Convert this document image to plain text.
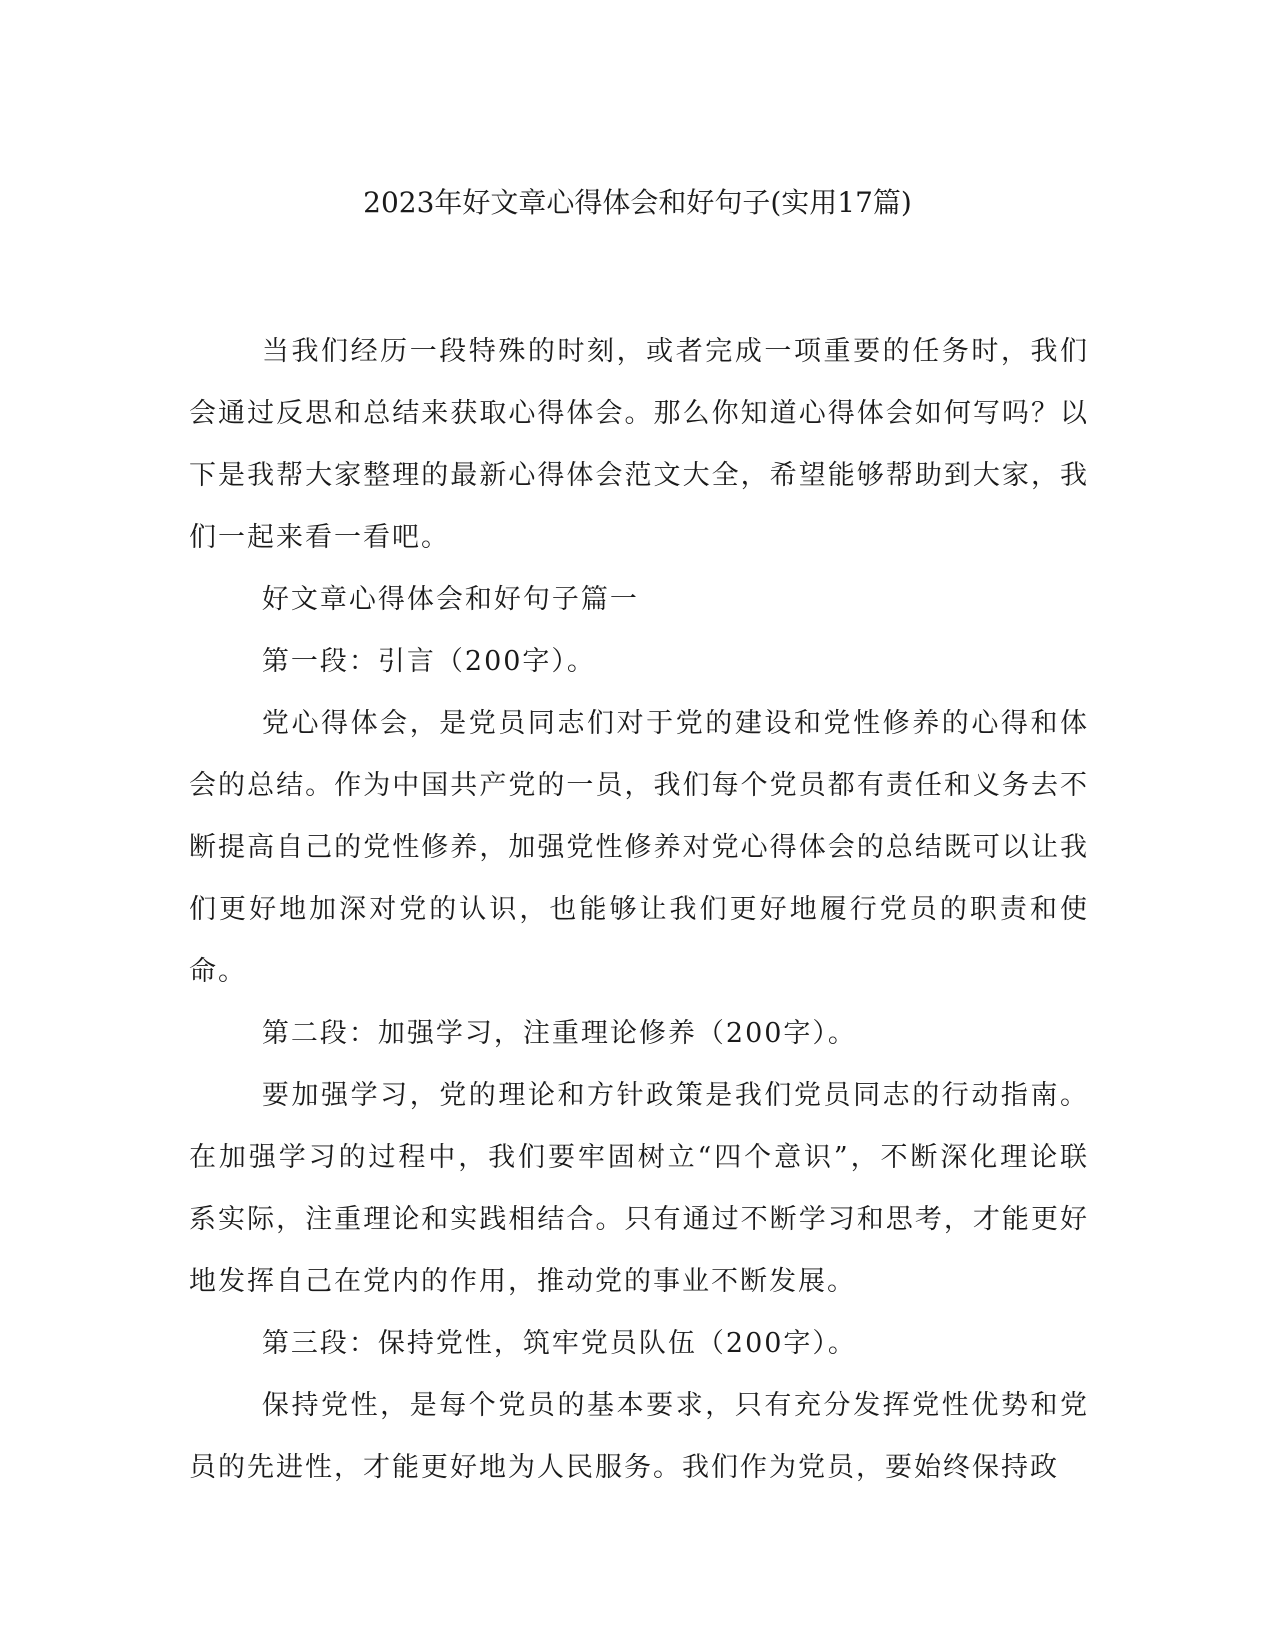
2023年好文章心得体会和好句子(实用17篇)

当我们经历一段特殊的时刻，或者完成一项重要的任务时，我们会通过反思和总结来获取心得体会。那么你知道心得体会如何写吗？以下是我帮大家整理的最新心得体会范文大全，希望能够帮助到大家，我们一起来看一看吧。

好文章心得体会和好句子篇一

第一段：引言（200字）。

党心得体会，是党员同志们对于党的建设和党性修养的心得和体会的总结。作为中国共产党的一员，我们每个党员都有责任和义务去不断提高自己的党性修养，加强党性修养对党心得体会的总结既可以让我们更好地加深对党的认识，也能够让我们更好地履行党员的职责和使命。

第二段：加强学习，注重理论修养（200字）。

要加强学习，党的理论和方针政策是我们党员同志的行动指南。在加强学习的过程中，我们要牢固树立“四个意识”，不断深化理论联系实际，注重理论和实践相结合。只有通过不断学习和思考，才能更好地发挥自己在党内的作用，推动党的事业不断发展。

第三段：保持党性，筑牢党员队伍（200字）。

保持党性，是每个党员的基本要求，只有充分发挥党性优势和党员的先进性，才能更好地为人民服务。我们作为党员，要始终保持政
